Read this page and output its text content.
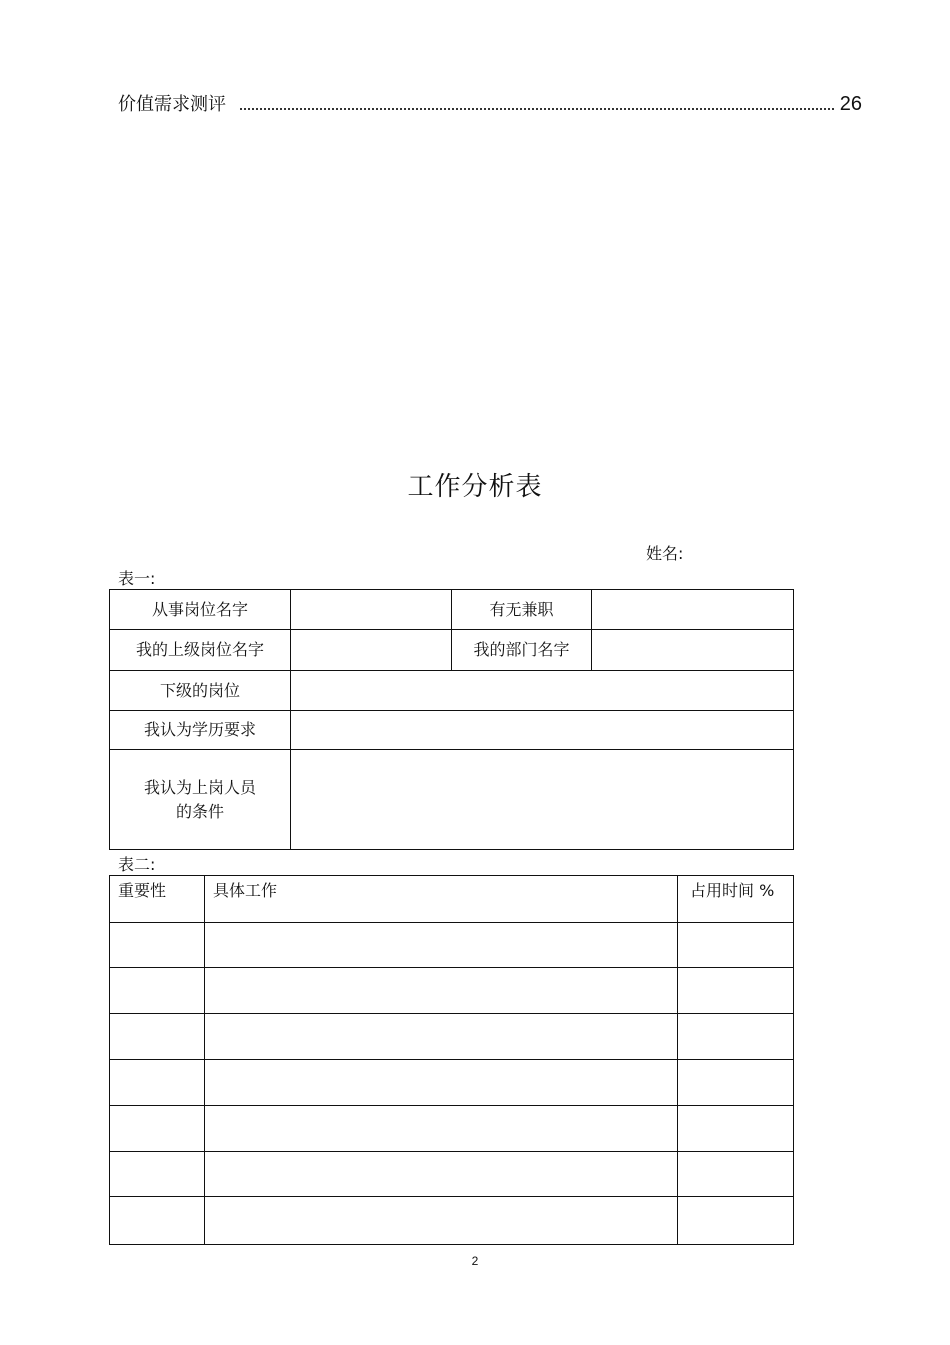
价值需求测评	26
工作分析表
姓名:
表一:
从事岗位名字		有无兼职	
我的上级岗位名字		我的部门名字	
下级的岗位			
我认为学历要求			

我认为上岗人员
的条件			

表二:
重要性	具体工作	占用时间 %

2
